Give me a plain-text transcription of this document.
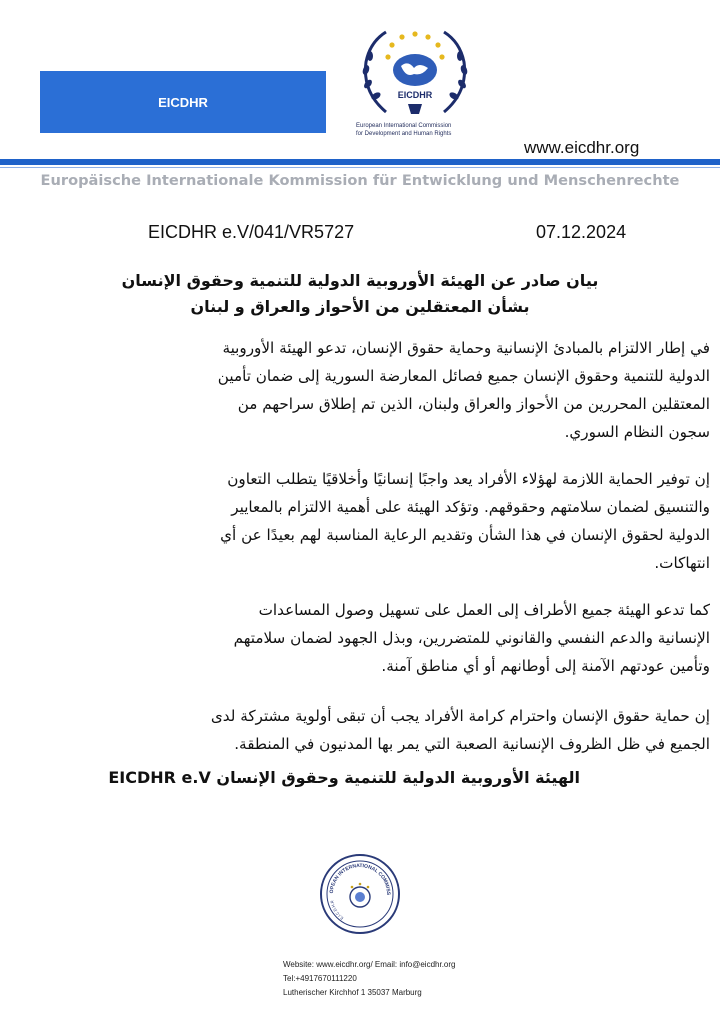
EICDHR	EICDHR
European International Commission
for Development and Human Rights
www.eicdhr.org
Europäische Internationale Kommission für Entwicklung und Menschenrechte
EICDHR e.V/041/VR5727	07.12.2024
بيان صادر عن الهيئة الأوروبية الدولية للتنمية وحقوق الإنسان
بشأن المعتقلين من الأحواز والعراق و لبنان
في إطار الالتزام بالمبادئ الإنسانية وحماية حقوق الإنسان، تدعو الهيئة الأوروبية
الدولية للتنمية وحقوق الإنسان جميع فصائل المعارضة السورية إلى ضمان تأمين
المعتقلين المحررين من الأحواز والعراق ولبنان، الذين تم إطلاق سراحهم من
سجون النظام السوري.
إن توفير الحماية اللازمة لهؤلاء الأفراد يعد واجبًا إنسانيًا وأخلاقيًا يتطلب التعاون
والتنسيق لضمان سلامتهم وحقوقهم. وتؤكد الهيئة على أهمية الالتزام بالمعايير
الدولية لحقوق الإنسان في هذا الشأن وتقديم الرعاية المناسبة لهم بعيدًا عن أي
انتهاكات.
كما تدعو الهيئة جميع الأطراف إلى العمل على تسهيل وصول المساعدات
الإنسانية والدعم النفسي والقانوني للمتضررين، وبذل الجهود لضمان سلامتهم
وتأمين عودتهم الآمنة إلى أوطانهم أو أي مناطق آمنة.
إن حماية حقوق الإنسان واحترام كرامة الأفراد يجب أن تبقى أولوية مشتركة لدى
الجميع في ظل الظروف الإنسانية الصعبة التي يمر بها المدنيون في المنطقة.
الهيئة الأوروبية الدولية للتنمية وحقوق الإنسان EICDHR e.V
OPEAN INTERNATIONAL COMMISS
E.I.C.D.H.R
Website: www.eicdhr.org/ Email: info@eicdhr.org
Tel:+4917670111220
Lutherischer Kirchhof 1 35037 Marburg
